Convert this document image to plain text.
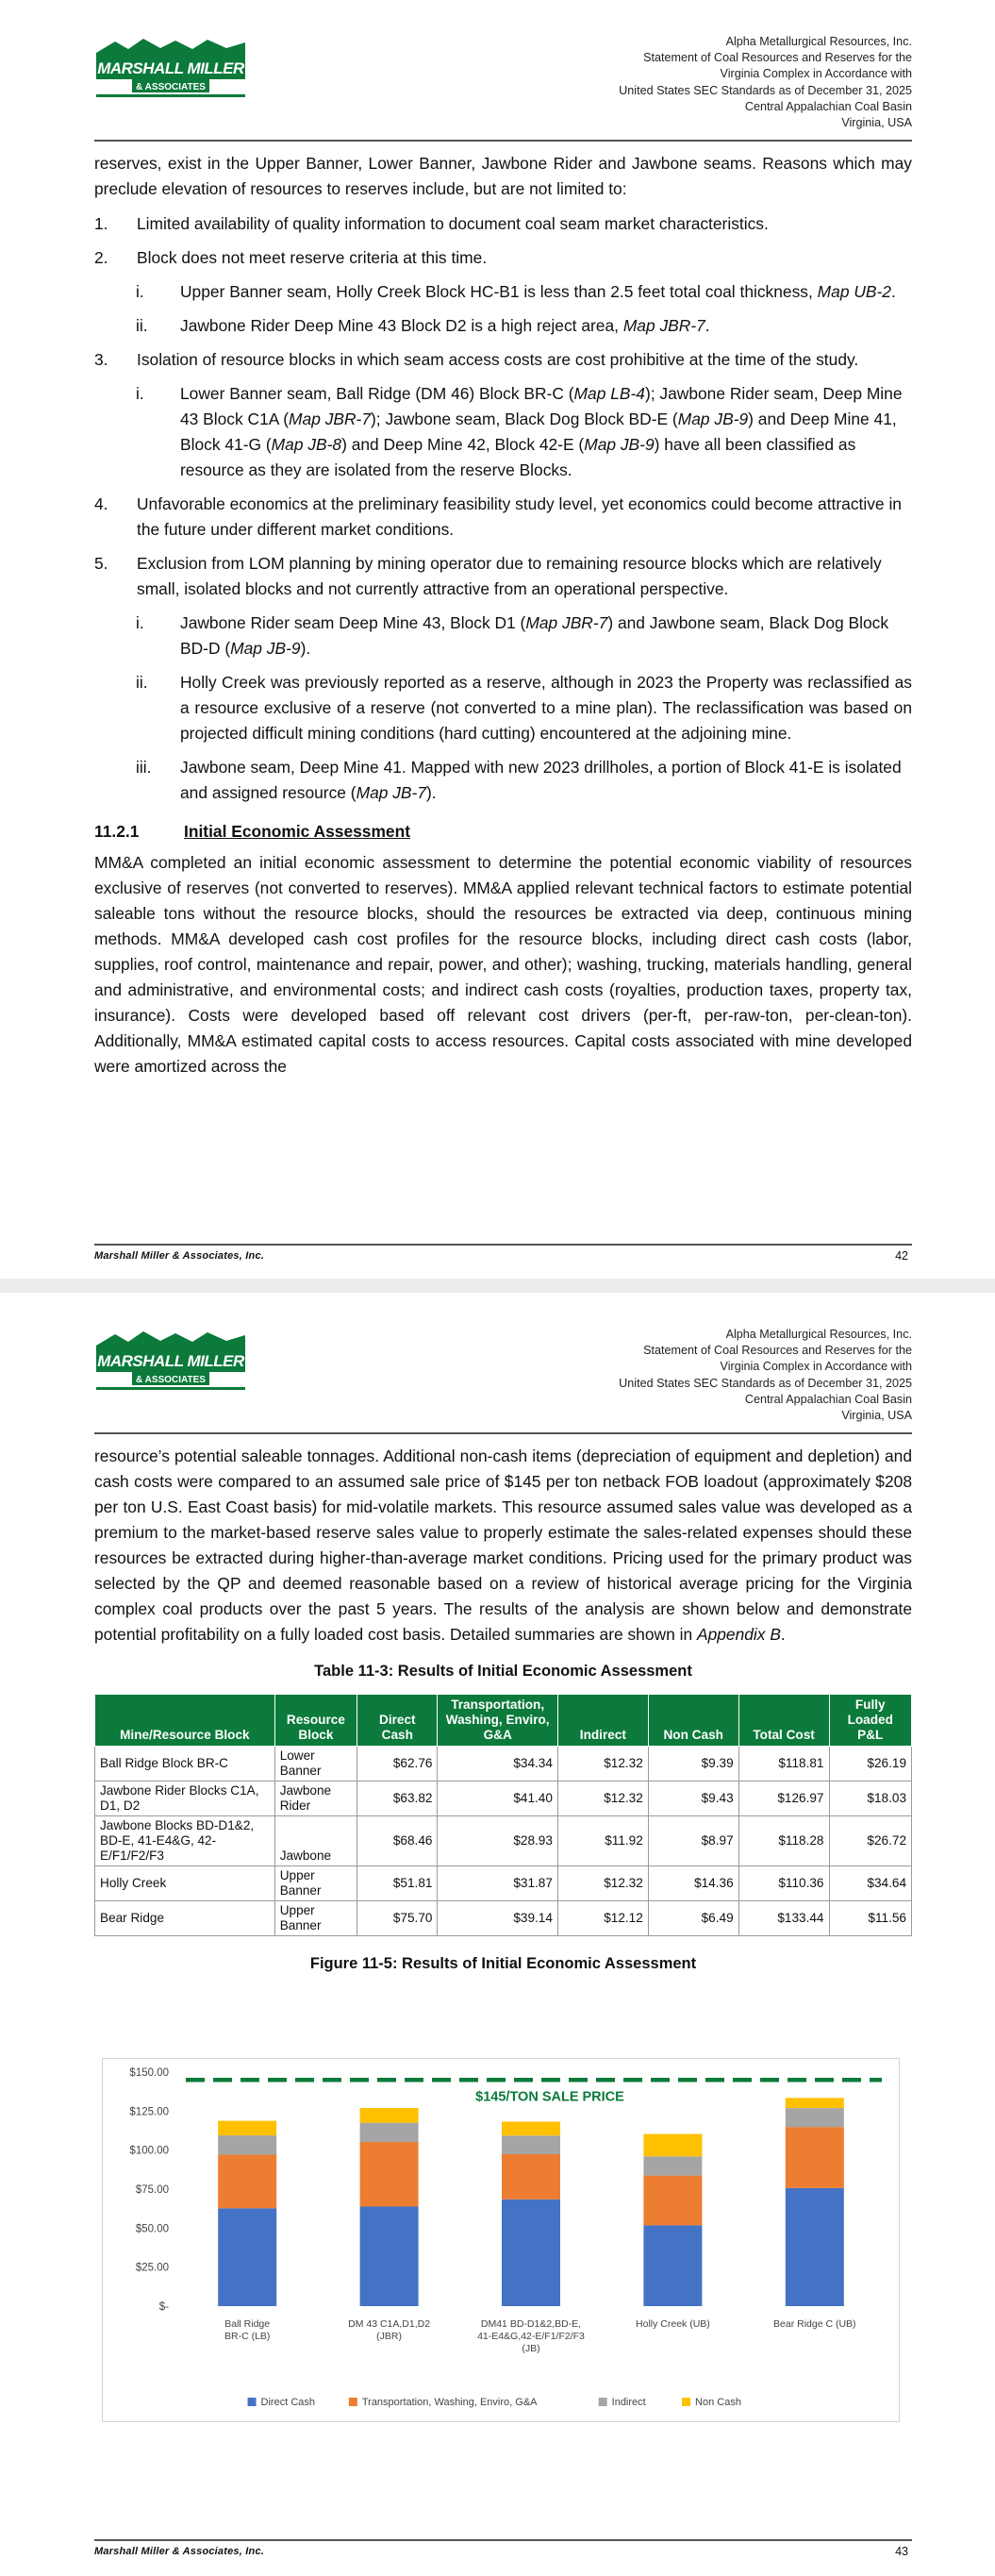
MARSHALL MILLER
& ASSOCIATES
Alpha Metallurgical Resources, Inc.
Statement of Coal Resources and Reserves for the
Virginia Complex in Accordance with
United States SEC Standards as of December 31, 2025
Central Appalachian Coal Basin
Virginia, USA

reserves, exist in the Upper Banner, Lower Banner, Jawbone Rider and Jawbone seams. Reasons which may preclude elevation of resources to reserves include, but are not limited to:

1. Limited availability of quality information to document coal seam market characteristics.
2. Block does not meet reserve criteria at this time.
i. Upper Banner seam, Holly Creek Block HC-B1 is less than 2.5 feet total coal thickness, Map UB-2.
ii. Jawbone Rider Deep Mine 43 Block D2 is a high reject area, Map JBR-7.
3. Isolation of resource blocks in which seam access costs are cost prohibitive at the time of the study.
i. Lower Banner seam, Ball Ridge (DM 46) Block BR-C (Map LB-4); Jawbone Rider seam, Deep Mine 43 Block C1A (Map JBR-7); Jawbone seam, Black Dog Block BD-E (Map JB-9) and Deep Mine 41, Block 41-G (Map JB-8) and Deep Mine 42, Block 42-E (Map JB-9) have all been classified as resource as they are isolated from the reserve Blocks.
4. Unfavorable economics at the preliminary feasibility study level, yet economics could become attractive in the future under different market conditions.
5. Exclusion from LOM planning by mining operator due to remaining resource blocks which are relatively small, isolated blocks and not currently attractive from an operational perspective.
i. Jawbone Rider seam Deep Mine 43, Block D1 (Map JBR-7) and Jawbone seam, Black Dog Block BD-D (Map JB-9).
ii. Holly Creek was previously reported as a reserve, although in 2023 the Property was reclassified as a resource exclusive of a reserve (not converted to a mine plan). The reclassification was based on projected difficult mining conditions (hard cutting) encountered at the adjoining mine.
iii. Jawbone seam, Deep Mine 41. Mapped with new 2023 drillholes, a portion of Block 41-E is isolated and assigned resource (Map JB-7).
11.2.1	Initial Economic Assessment

MM&A completed an initial economic assessment to determine the potential economic viability of resources exclusive of reserves (not converted to reserves). MM&A applied relevant technical factors to estimate potential saleable tons without the resource blocks, should the resources be extracted via deep, continuous mining methods. MM&A developed cash cost profiles for the resource blocks, including direct cash costs (labor, supplies, roof control, maintenance and repair, power, and other); washing, trucking, materials handling, general and administrative, and environmental costs; and indirect cash costs (royalties, production taxes, property tax, insurance). Costs were developed based off relevant cost drivers (per-ft, per-raw-ton, per-clean-ton). Additionally, MM&A estimated capital costs to access resources. Capital costs associated with mine developed were amortized across the

Marshall Miller & Associates, Inc.	42
MARSHALL MILLER
& ASSOCIATES
Alpha Metallurgical Resources, Inc.
Statement of Coal Resources and Reserves for the
Virginia Complex in Accordance with
United States SEC Standards as of December 31, 2025
Central Appalachian Coal Basin
Virginia, USA

resource’s potential saleable tonnages. Additional non-cash items (depreciation of equipment and depletion) and cash costs were compared to an assumed sale price of $145 per ton netback FOB loadout (approximately $208 per ton U.S. East Coast basis) for mid-volatile markets. This resource assumed sales value was developed as a premium to the market-based reserve sales value to properly estimate the sales-related expenses should these resources be extracted during higher-than-average market conditions. Pricing used for the primary product was selected by the QP and deemed reasonable based on a review of historical average pricing for the Virginia complex coal products over the past 5 years. The results of the analysis are shown below and demonstrate potential profitability on a fully loaded cost basis. Detailed summaries are shown in Appendix B.

Table 11-3: Results of Initial Economic Assessment
Mine/Resource Block	Resource Block	Direct Cash	Transportation, Washing, Enviro, G&A	Indirect	Non Cash	Total Cost	Fully Loaded P&L
Ball Ridge Block BR-C	Lower Banner	$62.76	$34.34	$12.32	$9.39	$118.81	$26.19
Jawbone Rider Blocks C1A, D1, D2	Jawbone Rider	$63.82	$41.40	$12.32	$9.43	$126.97	$18.03
Jawbone Blocks BD-D1&2, BD-E, 41-E4&G, 42-E/F1/F2/F3	Jawbone	$68.46	$28.93	$11.92	$8.97	$118.28	$26.72
Holly Creek	Upper Banner	$51.81	$31.87	$12.32	$14.36	$110.36	$34.64
Bear Ridge	Upper Banner	$75.70	$39.14	$12.12	$6.49	$133.44	$11.56
Figure 11-5: Results of Initial Economic Assessment
$-
$25.00
$50.00
$75.00
$100.00
$125.00
$150.00
Ball Ridge
BR-C (LB)
DM 43 C1A,D1,D2
(JBR)
DM41 BD-D1&2,BD-E,
41-E4&G,42-E/F1/F2/F3
(JB)
Holly Creek (UB)	Bear Ridge C (UB)
$145/TON SALE PRICE
Direct Cash	Transportation, Washing, Enviro, G&A	Indirect	Non Cash
Marshall Miller & Associates, Inc.	43
